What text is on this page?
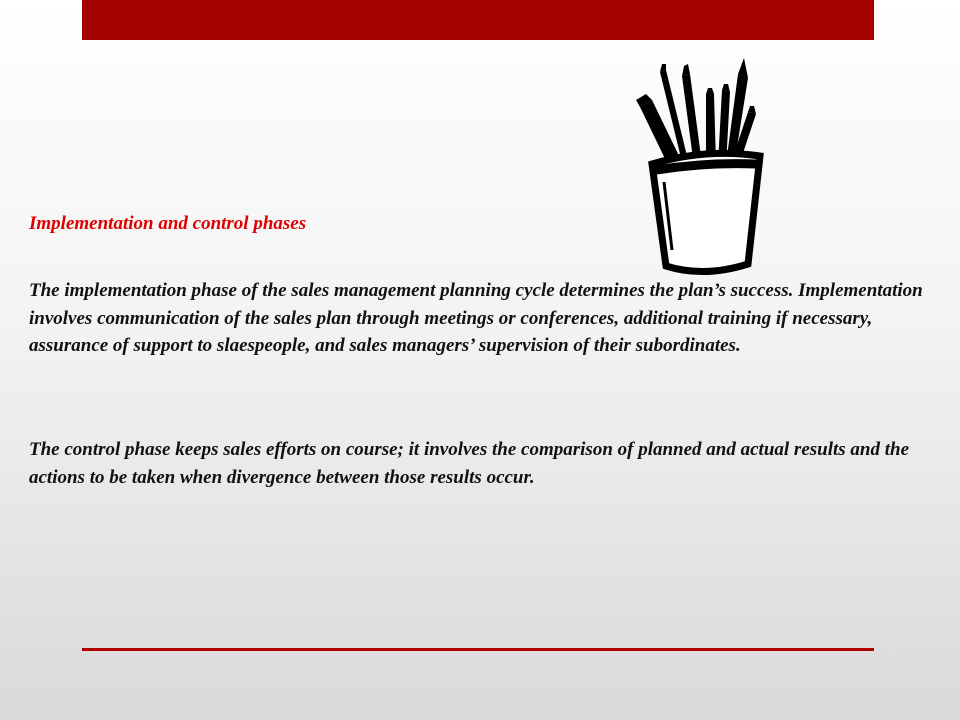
Implementation and control phases

The implementation phase of the sales management planning cycle determines the plan’s success. Implementation involves communication of the sales plan through meetings or conferences, additional training if necessary, assurance of support to slaespeople, and sales managers’ supervision of their subordinates.

The control phase keeps sales efforts on course; it involves the comparison of planned and actual results and the actions to be taken when divergence between those results occur.
